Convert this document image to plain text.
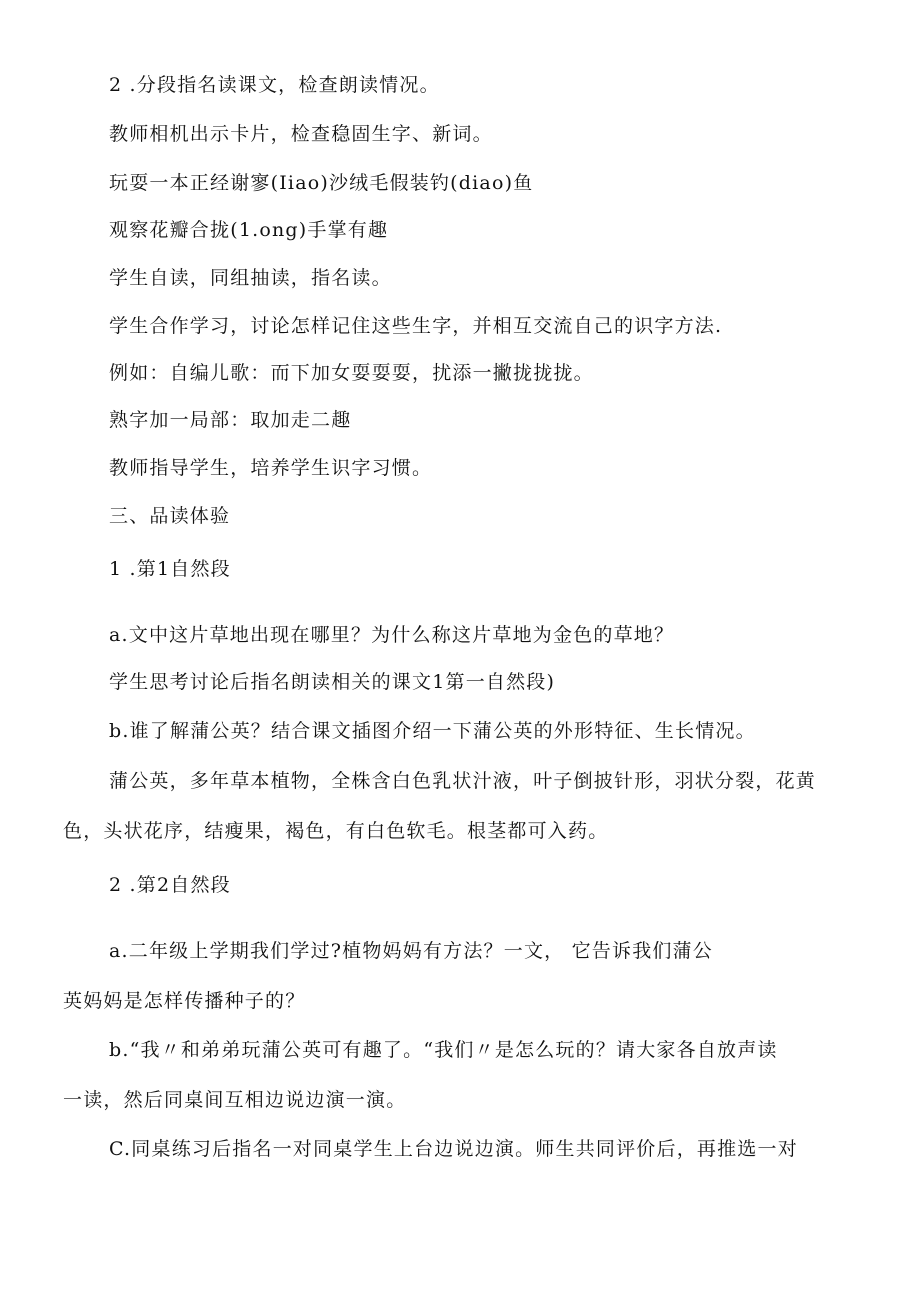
2 .分段指名读课文，检查朗读情况。
教师相机出示卡片，检查稳固生字、新词。
玩耍一本正经谢寥(Iiao)沙绒毛假装钓(diao)鱼
观察花瓣合拢(1.ong)手掌有趣
学生自读，同组抽读，指名读。
学生合作学习，讨论怎样记住这些生字，并相互交流自己的识字方法.
例如：自编儿歌：而下加女耍耍耍，扰添一撇拢拢拢。
熟字加一局部：取加走二趣
教师指导学生，培养学生识字习惯。
三、品读体验
1 .第1自然段
a.文中这片草地出现在哪里？为什么称这片草地为金色的草地？
学生思考讨论后指名朗读相关的课文1第一自然段)
b.谁了解蒲公英？结合课文插图介绍一下蒲公英的外形特征、生长情况。
蒲公英，多年草本植物，全株含白色乳状汁液，叶子倒披针形，羽状分裂，花黄
色，头状花序，结瘦果，褐色，有白色软毛。根茎都可入药。
2 .第2自然段
a.二年级上学期我们学过?植物妈妈有方法？一文， 它告诉我们蒲公
英妈妈是怎样传播种子的？
b.“我〃和弟弟玩蒲公英可有趣了。“我们〃是怎么玩的？请大家各自放声读
一读，然后同桌间互相边说边演一演。
C.同桌练习后指名一对同桌学生上台边说边演。师生共同评价后，再推选一对
